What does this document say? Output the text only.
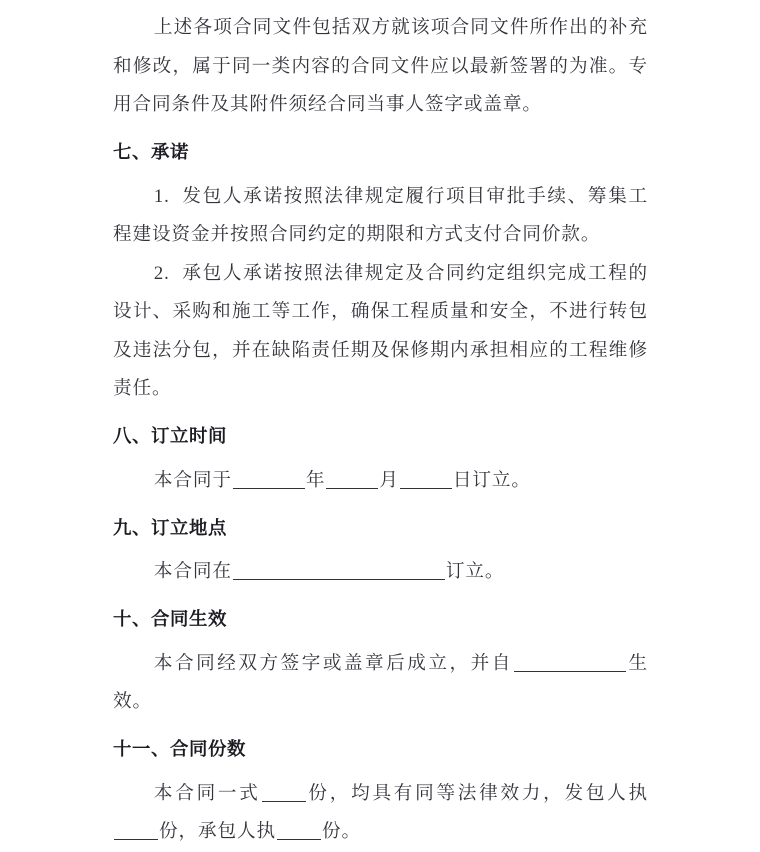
上述各项合同文件包括双方就该项合同文件所作出的补充和修改，属于同一类内容的合同文件应以最新签署的为准。专用合同条件及其附件须经合同当事人签字或盖章。

七、承诺

1. 发包人承诺按照法律规定履行项目审批手续、筹集工程建设资金并按照合同约定的期限和方式支付合同价款。

2. 承包人承诺按照法律规定及合同约定组织完成工程的设计、采购和施工等工作，确保工程质量和安全，不进行转包及违法分包，并在缺陷责任期及保修期内承担相应的工程维修责任。

八、订立时间

本合同于	年	月	日订立。

九、订立地点

本合同在	订立。

十、合同生效

本合同经双方签字或盖章后成立，并自	生效。

十一、合同份数

本合同一式 份，均具有同等法律效力，发包人执份，承包人执 份。
